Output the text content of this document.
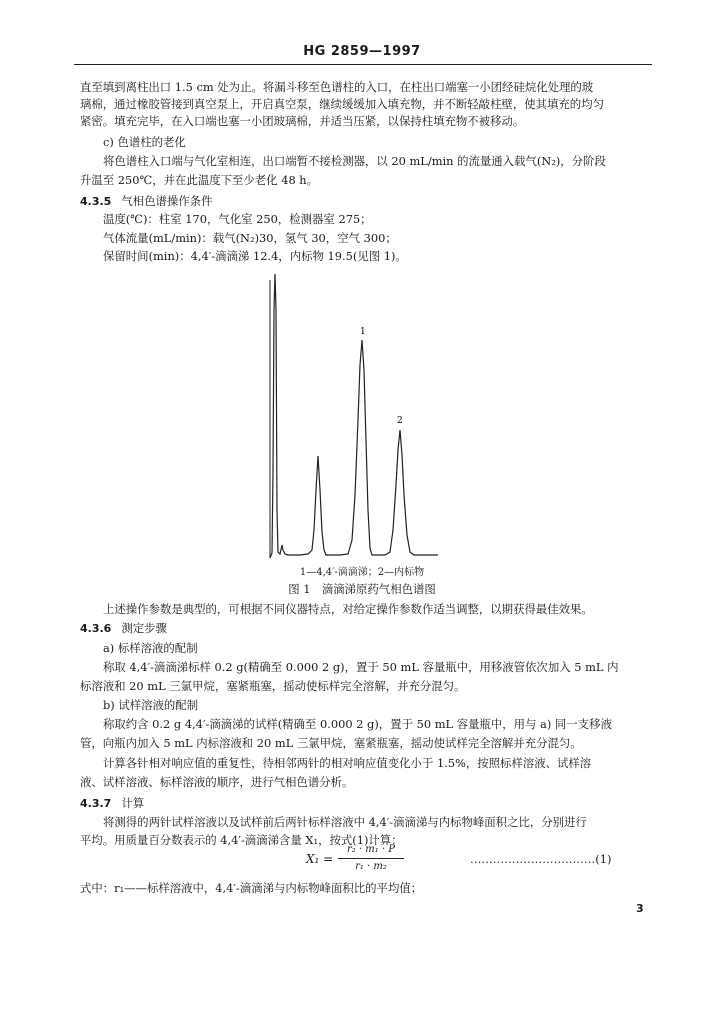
HG 2859—1997
直至填到离柱出口 1.5 cm 处为止。将漏斗移至色谱柱的入口，在柱出口端塞一小团经硅烷化处理的玻
璃棉，通过橡胶管接到真空泵上，开启真空泵，继续缓缓加入填充物，并不断轻敲柱壁，使其填充的均匀
紧密。填充完毕，在入口端也塞一小团玻璃棉，并适当压紧，以保持柱填充物不被移动。
c) 色谱柱的老化
将色谱柱入口端与气化室相连，出口端暂不接检测器，以 20 mL/min 的流量通入载气(N₂)，分阶段
升温至 250℃，并在此温度下至少老化 48 h。
4.3.5 气相色谱操作条件
温度(℃)：柱室 170，气化室 250，检测器室 275；
气体流量(mL/min)：载气(N₂)30，氢气 30，空气 300；
保留时间(min)：4,4′-滴滴涕 12.4，内标物 19.5(见图 1)。
1
2
1—4,4′-滴滴涕；2—内标物
图 1　滴滴涕原药气相色谱图
上述操作参数是典型的，可根据不同仪器特点，对给定操作参数作适当调整，以期获得最佳效果。
4.3.6 测定步骤
a) 标样溶液的配制
称取 4,4′-滴滴涕标样 0.2 g(精确至 0.000 2 g)，置于 50 mL 容量瓶中，用移液管依次加入 5 mL 内
标溶液和 20 mL 三氯甲烷，塞紧瓶塞，摇动使标样完全溶解，并充分混匀。
b) 试样溶液的配制
称取约含 0.2 g 4,4′-滴滴涕的试样(精确至 0.000 2 g)，置于 50 mL 容量瓶中，用与 a) 同一支移液
管，向瓶内加入 5 mL 内标溶液和 20 mL 三氯甲烷，塞紧瓶塞，摇动使试样完全溶解并充分混匀。
计算各针相对响应值的重复性，待相邻两针的相对响应值变化小于 1.5%，按照标样溶液、试样溶
液、试样溶液、标样溶液的顺序，进行气相色谱分析。
4.3.7 计算
将测得的两针试样溶液以及试样前后两针标样溶液中 4,4′-滴滴涕与内标物峰面积之比，分别进行
平均。用质量百分数表示的 4,4′-滴滴涕含量 X₁，按式(1)计算：
X₁ =
r₂ · m₁ · P
r₁ · m₂
……………………………(1)
式中：r₁——标样溶液中，4,4′-滴滴涕与内标物峰面积比的平均值；
3
